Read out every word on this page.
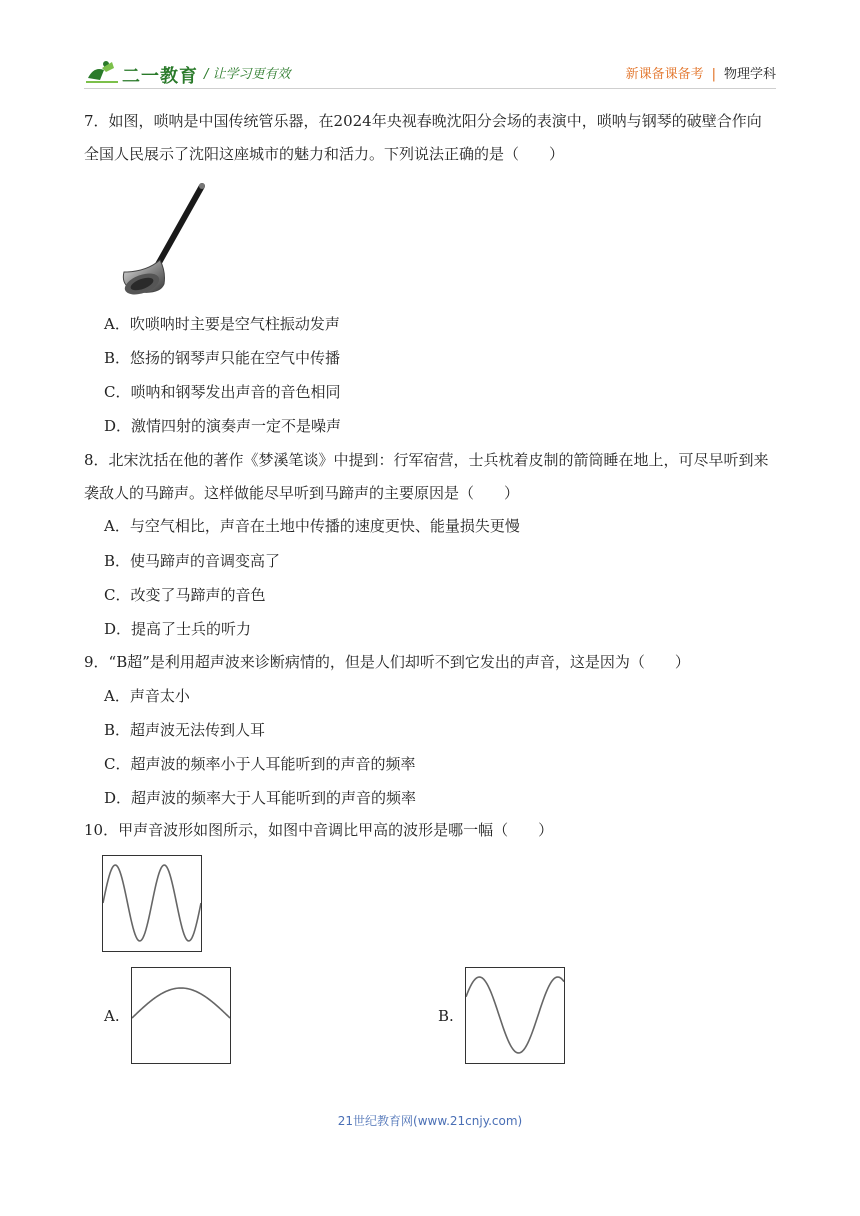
二一教育 / 让学习更有效	新课备课备考 | 物理学科
7．如图，唢呐是中国传统管乐器，在2024年央视春晚沈阳分会场的表演中，唢呐与钢琴的破壁合作向全国人民展示了沈阳这座城市的魅力和活力。下列说法正确的是（　　）
A．吹唢呐时主要是空气柱振动发声
B．悠扬的钢琴声只能在空气中传播
C．唢呐和钢琴发出声音的音色相同
D．激情四射的演奏声一定不是噪声
8．北宋沈括在他的著作《梦溪笔谈》中提到：行军宿营，士兵枕着皮制的箭筒睡在地上，可尽早听到来袭敌人的马蹄声。这样做能尽早听到马蹄声的主要原因是（　　）
A．与空气相比，声音在土地中传播的速度更快、能量损失更慢
B．使马蹄声的音调变高了
C．改变了马蹄声的音色
D．提高了士兵的听力
9．“B超”是利用超声波来诊断病情的，但是人们却听不到它发出的声音，这是因为（　　）
A．声音太小
B．超声波无法传到人耳
C．超声波的频率小于人耳能听到的声音的频率
D．超声波的频率大于人耳能听到的声音的频率
10．甲声音波形如图所示，如图中音调比甲高的波形是哪一幅（　　）
A.	B.
21世纪教育网(www.21cnjy.com)
